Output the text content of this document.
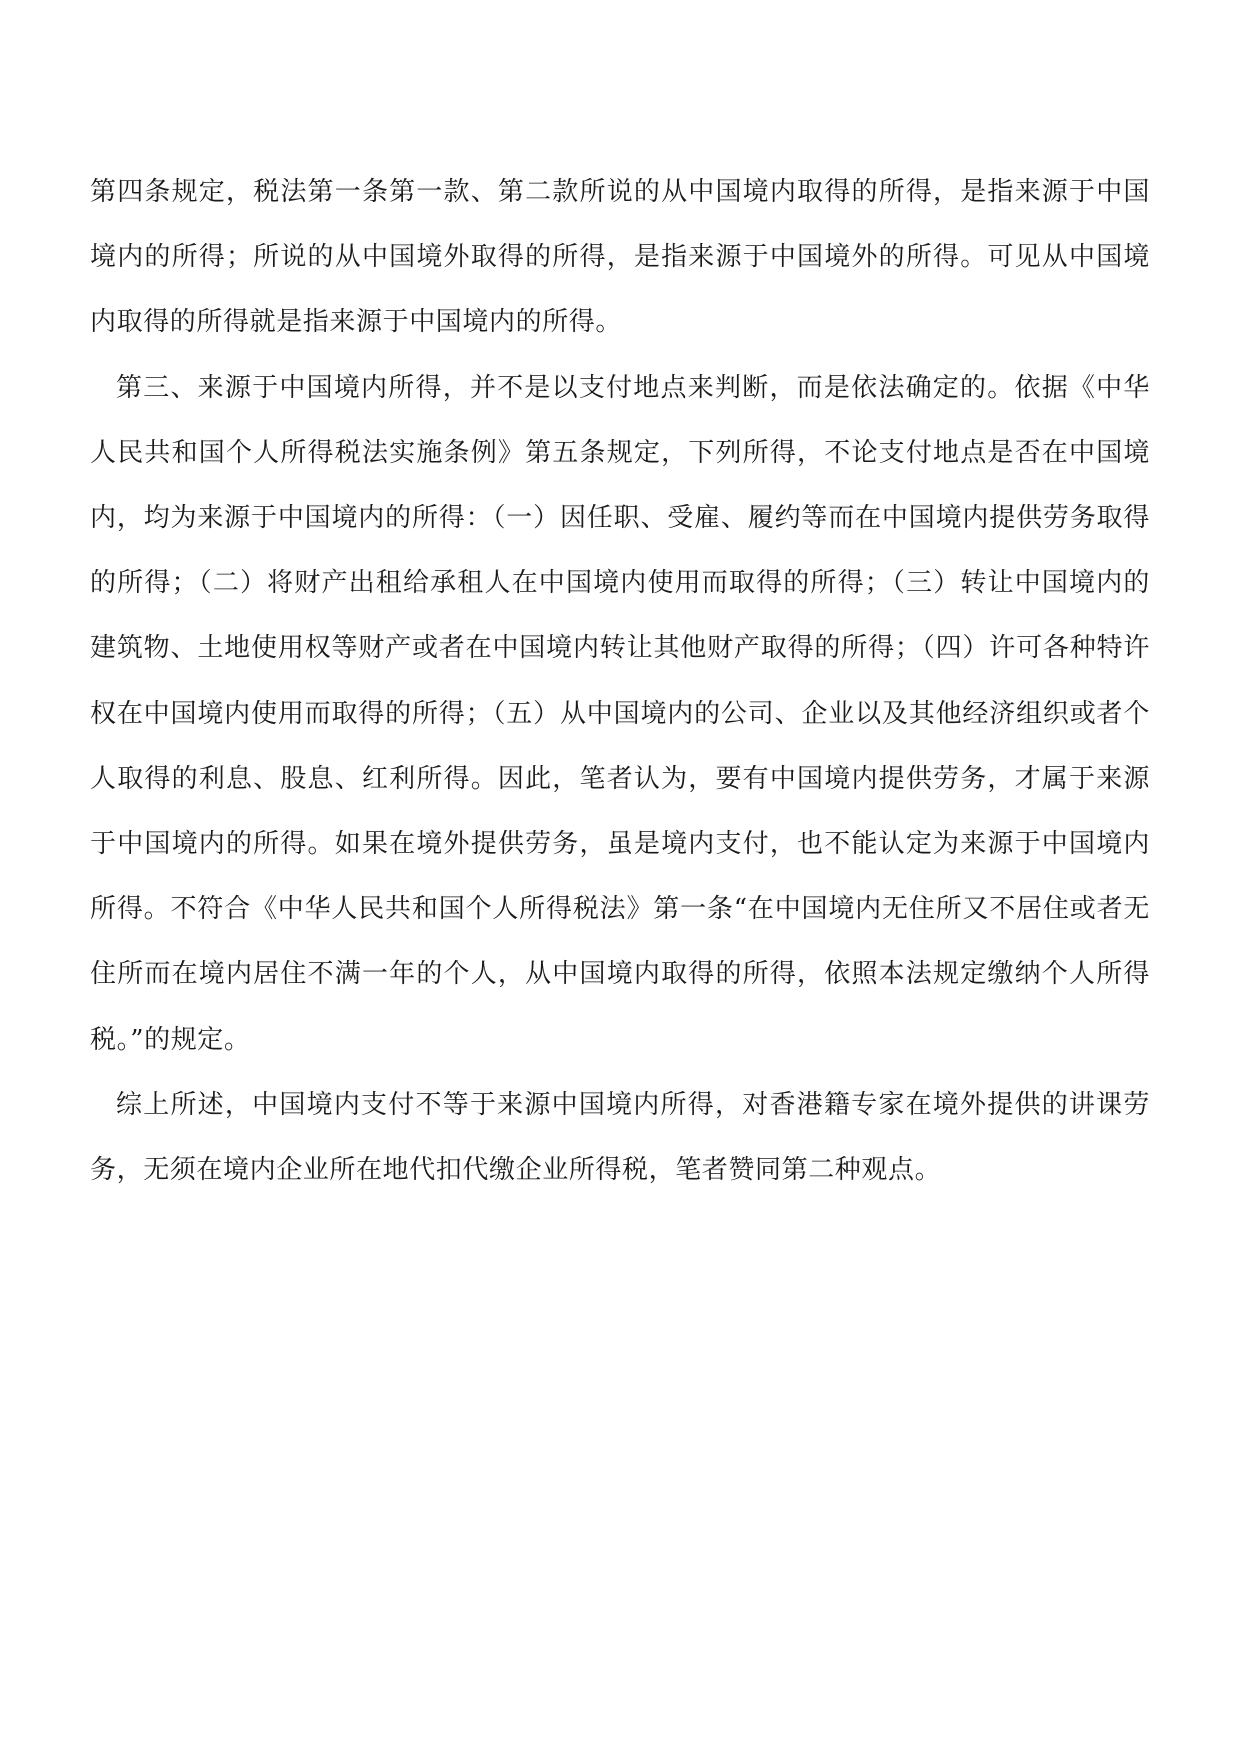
第四条规定，税法第一条第一款、第二款所说的从中国境内取得的所得，是指来源于中国境内的所得；所说的从中国境外取得的所得，是指来源于中国境外的所得。可见从中国境内取得的所得就是指来源于中国境内的所得。

第三、来源于中国境内所得，并不是以支付地点来判断，而是依法确定的。依据《中华人民共和国个人所得税法实施条例》第五条规定，下列所得，不论支付地点是否在中国境内，均为来源于中国境内的所得：（一）因任职、受雇、履约等而在中国境内提供劳务取得的所得；（二）将财产出租给承租人在中国境内使用而取得的所得；（三）转让中国境内的建筑物、土地使用权等财产或者在中国境内转让其他财产取得的所得；（四）许可各种特许权在中国境内使用而取得的所得；（五）从中国境内的公司、企业以及其他经济组织或者个人取得的利息、股息、红利所得。因此，笔者认为，要有中国境内提供劳务，才属于来源于中国境内的所得。如果在境外提供劳务，虽是境内支付，也不能认定为来源于中国境内所得。不符合《中华人民共和国个人所得税法》第一条“在中国境内无住所又不居住或者无住所而在境内居住不满一年的个人，从中国境内取得的所得，依照本法规定缴纳个人所得税。”的规定。

综上所述，中国境内支付不等于来源中国境内所得，对香港籍专家在境外提供的讲课劳务，无须在境内企业所在地代扣代缴企业所得税，笔者赞同第二种观点。
